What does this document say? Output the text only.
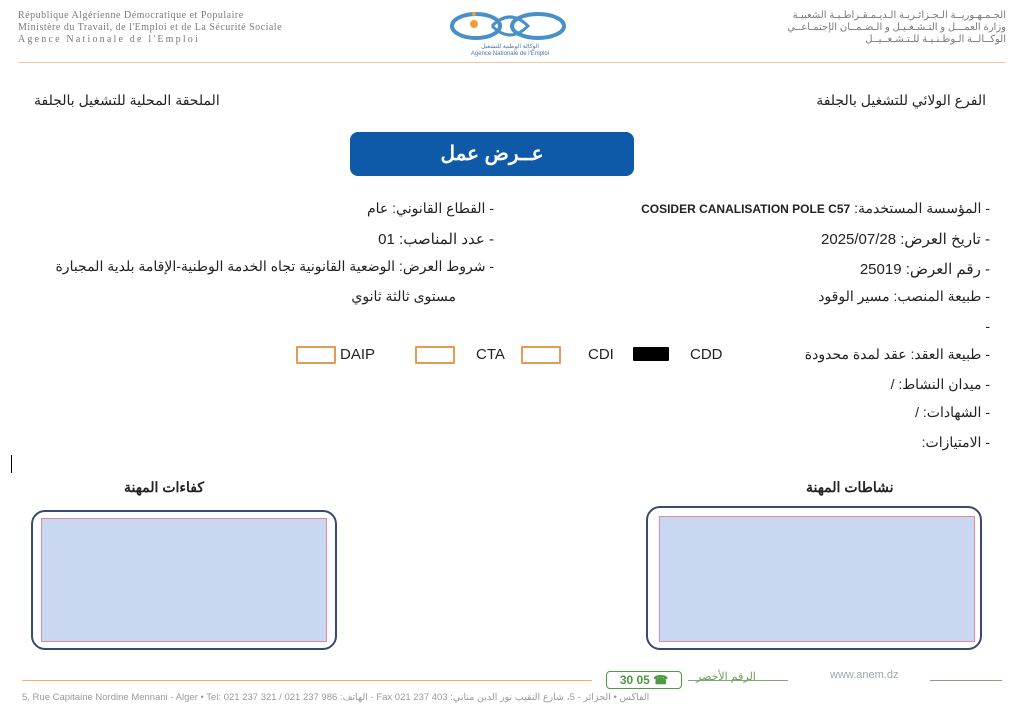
République Algérienne Démocratique et Populaire
Ministère du Travail, de l'Emploi et de La Sécurité Sociale
Agence Nationale de l'Emploi
الوكالة الوطنية للتشغيل
Agence Nationale de l'Emploi
الجـمـهـوريــة الـجـزائـريـة الـديـمـقـراطـيـة الشعبيـة
وزارة العمـــل و التـشـغـيـل و الـضـمــان الإجتمـاعــي
الوكــالــة الـوطـنـيـة للـتـشـغــيــل
الفرع الولائي للتشغيل بالجلفة
الملحقة المحلية للتشغيل بالجلفة
عــرض عمل
- المؤسسة المستخدمة: COSIDER CANALISATION POLE C57
- تاريخ العرض: 2025/07/28
- رقم العرض: 25019
- طبيعة المنصب: مسير الوقود
-
- طبيعة العقد: عقد لمدة محدودة
- ميدان النشاط: /
- الشهادات: /
- الامتيازات:
- القطاع القانوني: عام
- عدد المناصب: 01
- شروط العرض: الوضعية القانونية تجاه الخدمة الوطنية-الإقامة بلدية المجبارة
مستوى ثالثة ثانوي
CDD
CDI
CTA
DAIP
نشاطات المهنة
كفاءات المهنة
30 05 ☎	الرقم الأخضر	www.anem.dz
5, Rue Capitaine Nordine Mennani - Alger • Tel: 021 237 321 / 021 237 986 :الهاتف - Fax 021 237 403 :الفاكس • الجزائر - 5، شارع النقيب نور الدين مناني
